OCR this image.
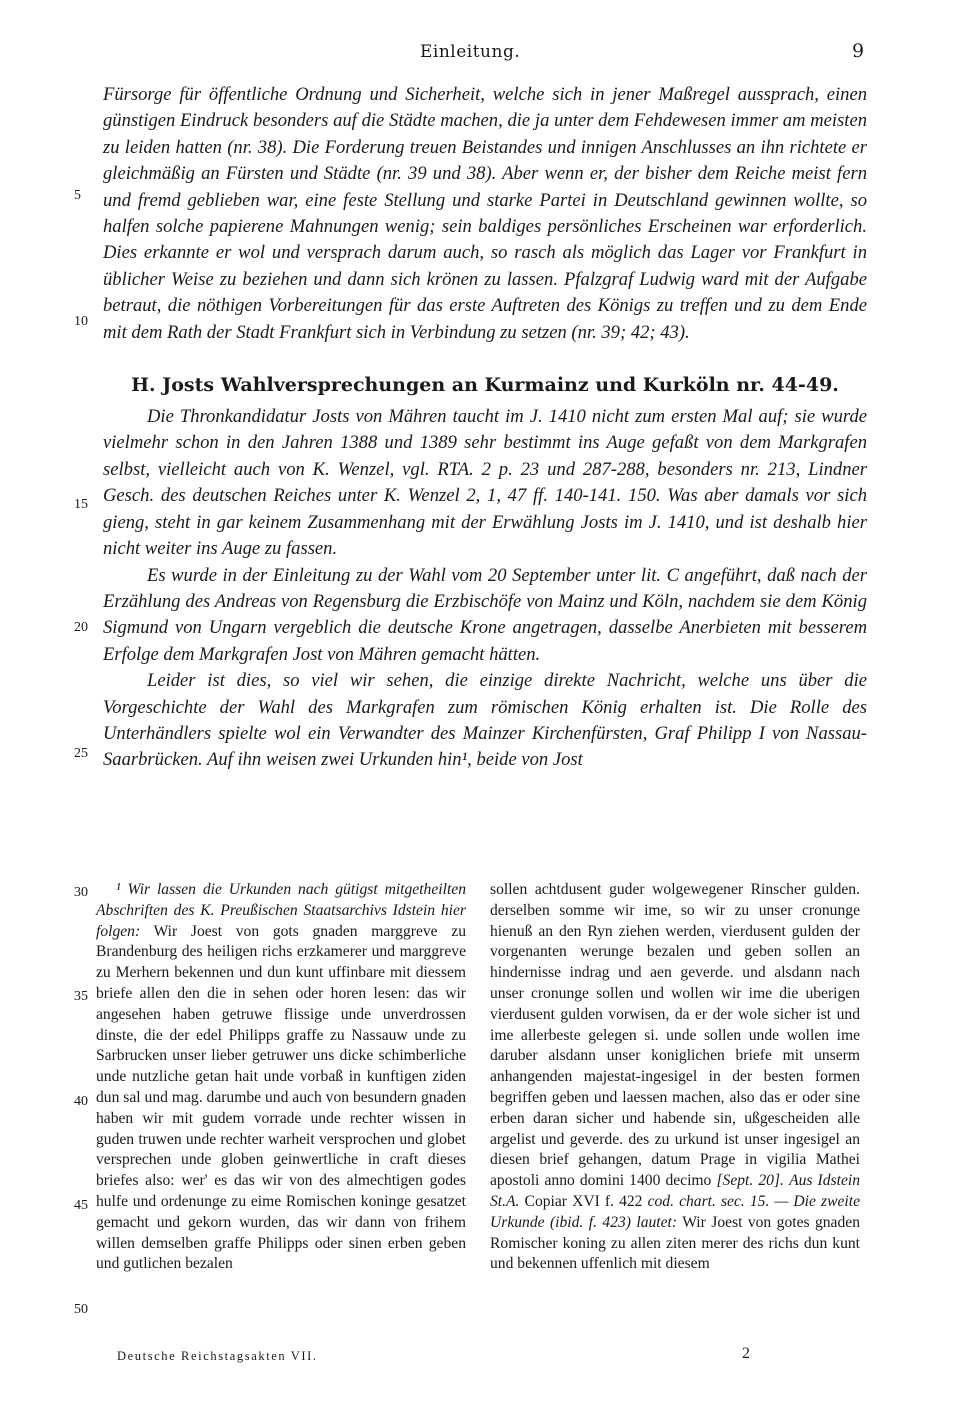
Einleitung.	9

Fürsorge für öffentliche Ordnung und Sicherheit, welche sich in jener Maßregel aussprach, einen günstigen Eindruck besonders auf die Städte machen, die ja unter dem Fehdewesen immer am meisten zu leiden hatten (nr. 38). Die Forderung treuen Beistandes und innigen Anschlusses an ihn richtete er gleichmäßig an Fürsten und Städte (nr. 39 und 38). Aber wenn er, der bisher dem Reiche meist fern und fremd geblieben war, eine feste Stellung und starke Partei in Deutschland gewinnen wollte, so halfen solche papierene Mahnungen wenig; sein baldiges persönliches Erscheinen war erforderlich. Dies erkannte er wol und versprach darum auch, so rasch als möglich das Lager vor Frankfurt in üblicher Weise zu beziehen und dann sich krönen zu lassen. Pfalzgraf Ludwig ward mit der Aufgabe betraut, die nöthigen Vorbereitungen für das erste Auftreten des Königs zu treffen und zu dem Ende mit dem Rath der Stadt Frankfurt sich in Verbindung zu setzen (nr. 39; 42; 43).

H. Josts Wahlversprechungen an Kurmainz und Kurköln nr. 44-49.

Die Thronkandidatur Josts von Mähren taucht im J. 1410 nicht zum ersten Mal auf; sie wurde vielmehr schon in den Jahren 1388 und 1389 sehr bestimmt ins Auge gefaßt von dem Markgrafen selbst, vielleicht auch von K. Wenzel, vgl. RTA. 2 p. 23 und 287-288, besonders nr. 213, Lindner Gesch. des deutschen Reiches unter K. Wenzel 2, 1, 47 ff. 140-141. 150. Was aber damals vor sich gieng, steht in gar keinem Zusammenhang mit der Erwählung Josts im J. 1410, und ist deshalb hier nicht weiter ins Auge zu fassen.

Es wurde in der Einleitung zu der Wahl vom 20 September unter lit. C angeführt, daß nach der Erzählung des Andreas von Regensburg die Erzbischöfe von Mainz und Köln, nachdem sie dem König Sigmund von Ungarn vergeblich die deutsche Krone angetragen, dasselbe Anerbieten mit besserem Erfolge dem Markgrafen Jost von Mähren gemacht hätten.

Leider ist dies, so viel wir sehen, die einzige direkte Nachricht, welche uns über die Vorgeschichte der Wahl des Markgrafen zum römischen König erhalten ist. Die Rolle des Unterhändlers spielte wol ein Verwandter des Mainzer Kirchenfürsten, Graf Philipp I von Nassau-Saarbrücken. Auf ihn weisen zwei Urkunden hin¹, beide von Jost

5
10
15
20
25
30
35
40
45
50

¹ Wir lassen die Urkunden nach gütigst mitgetheilten Abschriften des K. Preußischen Staatsarchivs Idstein hier folgen: Wir Joest von gots gnaden marggreve zu Brandenburg des heiligen richs erzkamerer und marggreve zu Merhern bekennen und dun kunt uffinbare mit diessem briefe allen den die in sehen oder horen lesen: das wir angesehen haben getruwe flissige unde unverdrossen dinste, die der edel Philipps graffe zu Nassauw unde zu Sarbrucken unser lieber getruwer uns dicke schimberliche unde nutzliche getan hait unde vorbaß in kunftigen ziden dun sal und mag. darumbe und auch von besundern gnaden haben wir mit gudem vorrade unde rechter wissen in guden truwen unde rechter warheit versprochen und globet versprechen unde globen geinwertliche in craft dieses briefes also: wer' es das wir von des almechtigen godes hulfe und ordenunge zu eime Romischen koninge gesatzet gemacht und gekorn wurden, das wir dann von frihem willen demselben graffe Philipps oder sinen erben geben und gutlichen bezalen

sollen achtdusent guder wolgewegener Rinscher gulden. derselben somme wir ime, so wir zu unser cronunge hienuß an den Ryn ziehen werden, vierdusent gulden der vorgenanten werunge bezalen und geben sollen an hindernisse indrag und aen geverde. und alsdann nach unser cronunge sollen und wollen wir ime die uberigen vierdusent gulden vorwisen, da er der wole sicher ist und ime allerbeste gelegen si. unde sollen unde wollen ime daruber alsdann unser koniglichen briefe mit unserm anhangenden majestat-ingesigel in der besten formen begriffen geben und laessen machen, also das er oder sine erben daran sicher und habende sin, ußgescheiden alle argelist und geverde. des zu urkund ist unser ingesigel an diesen brief gehangen, datum Prage in vigilia Mathei apostoli anno domini 1400 decimo [Sept. 20]. Aus Idstein St.A. Copiar XVI f. 422 cod. chart. sec. 15. — Die zweite Urkunde (ibid. f. 423) lautet: Wir Joest von gotes gnaden Romischer koning zu allen ziten merer des richs dun kunt und bekennen uffenlich mit diesem

Deutsche Reichstagsakten VII.	2
